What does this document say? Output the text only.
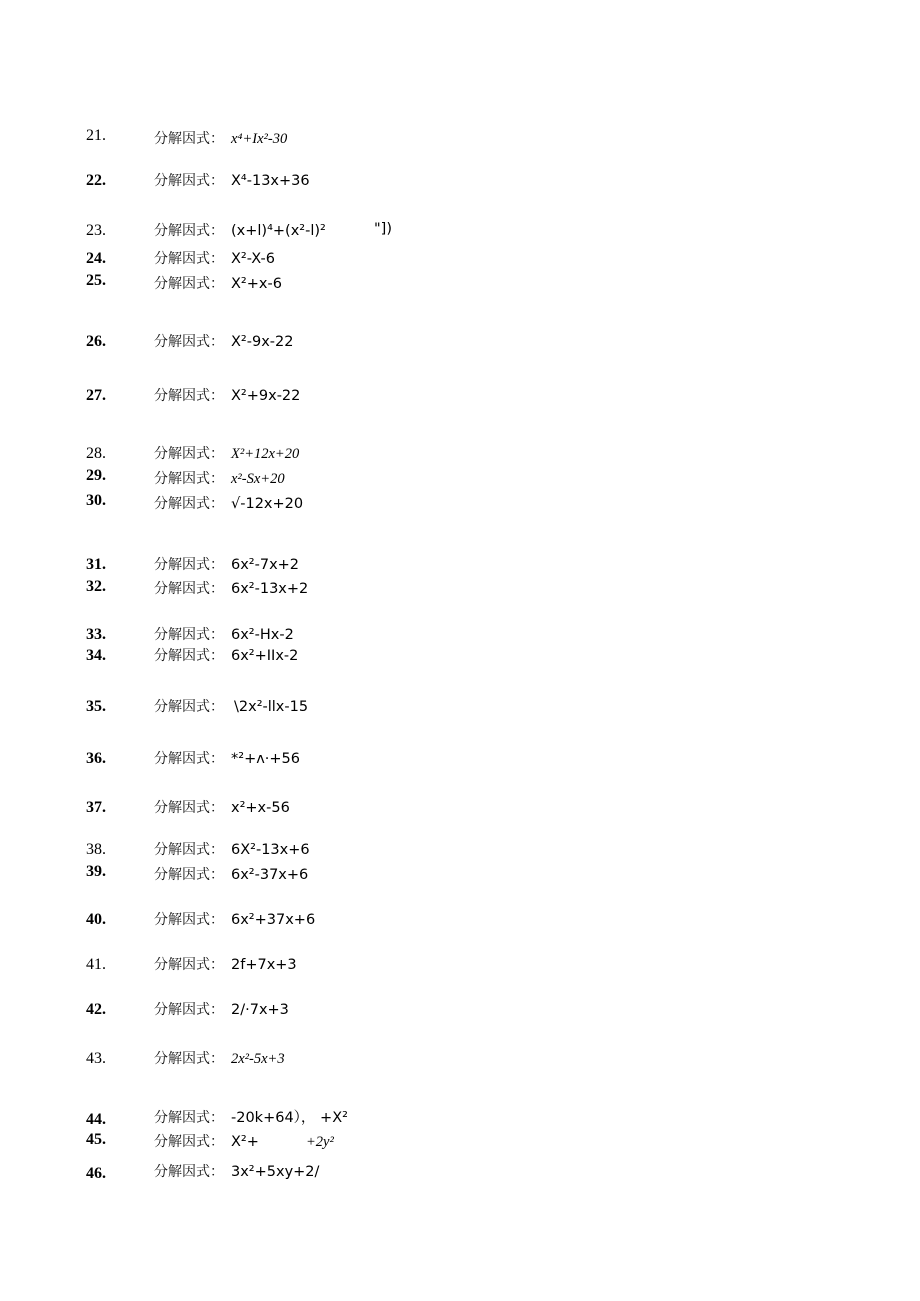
21.	分解因式： x⁴+Ix²-30
22.	分解因式： X⁴-13x+36
23.	分解因式： (x+l)⁴+(x²-l)²	"])
24.	分解因式： X²-X-6
25.	分解因式： X²+x-6
26.	分解因式： X²-9x-22
27.	分解因式： X²+9x-22
28.	分解因式： X²+12x+20
29.	分解因式： x²-Sx+20
30.	分解因式： √-12x+20
31.	分解因式： 6x²-7x+2
32.	分解因式： 6x²-13x+2
33.	分解因式： 6x²-Hx-2
34.	分解因式： 6x²+IIx-2
35.	分解因式： \2x²-llx-15
36.	分解因式： *²+ʌ·+56
37.	分解因式： x²+x-56
38.	分解因式： 6X²-13x+6
39.	分解因式： 6x²-37x+6
40.	分解因式： 6x²+37x+6
41.	分解因式： 2f+7x+3
42.	分解因式： 2/·7x+3
43.	分解因式： 2x²-5x+3
44.	分解因式： -20k+64）， +X²
45.	分解因式： X²+	+2y²
46.	分解因式： 3x²+5xy+2/
